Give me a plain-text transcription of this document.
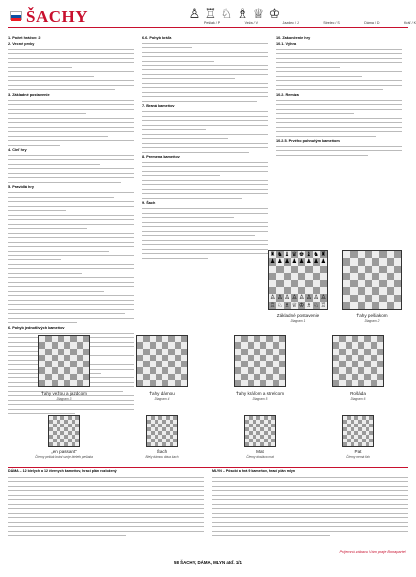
ŠACHY	♙ ♖ ♘ ♗ ♕ ♔
Pešiak / P	Veža / V	Jazdec / J	Strelec / S	Dáma / D	Kráľ / K
1. Počet hráčov: 2
2. Vecné prvky
3. Základné postavenie
4. Cieľ hry
5. Pravidlá hry
6. Pohyb jednotlivých kameňov
6.6. Pohyb kráľa
7. Braná kameňov
8. Premena kameňov
9. Šach
10. Zakončenie hry
10.1. Výhra
10.2. Remíza
10.2.5. Prvého pohnutým kameňom
♜ ♞ ♝ ♛ ♚ ♝ ♞ ♜
♟ ♟ ♟ ♟ ♟ ♟ ♟ ♟
♙ ♙ ♙ ♙ ♙ ♙ ♙ ♙
♖ ♘ ♗ ♕ ♔ ♗ ♘ ♖
Základné postavenie
Diagram 1
Ťahy pešiakom
Diagram 2
Ťahy vežou a jazdcom
Diagram 3
Ťahy dámou
Diagram 4
Ťahy kráľom a strelcom
Diagram 5
Rošáda
Diagram 6
„en passant“
Čierny pešiak bráni svoje bielefo pešiaka
Šach
Biely dámou dáva šach
Mat
Čierny dostáva mat
Pat
Čierny nemá ťah
DÁMA – 12 bielych a 12 čiernych kameňov, hrací plán rozložený	MLYN – Pôsobí a hrá 9 kameňov, hrací plán mlyn
Príjemnú zábavu Vám praje Bonaparte!
58 ŠACHY, DÁMA, MLYN atď. 1/1
